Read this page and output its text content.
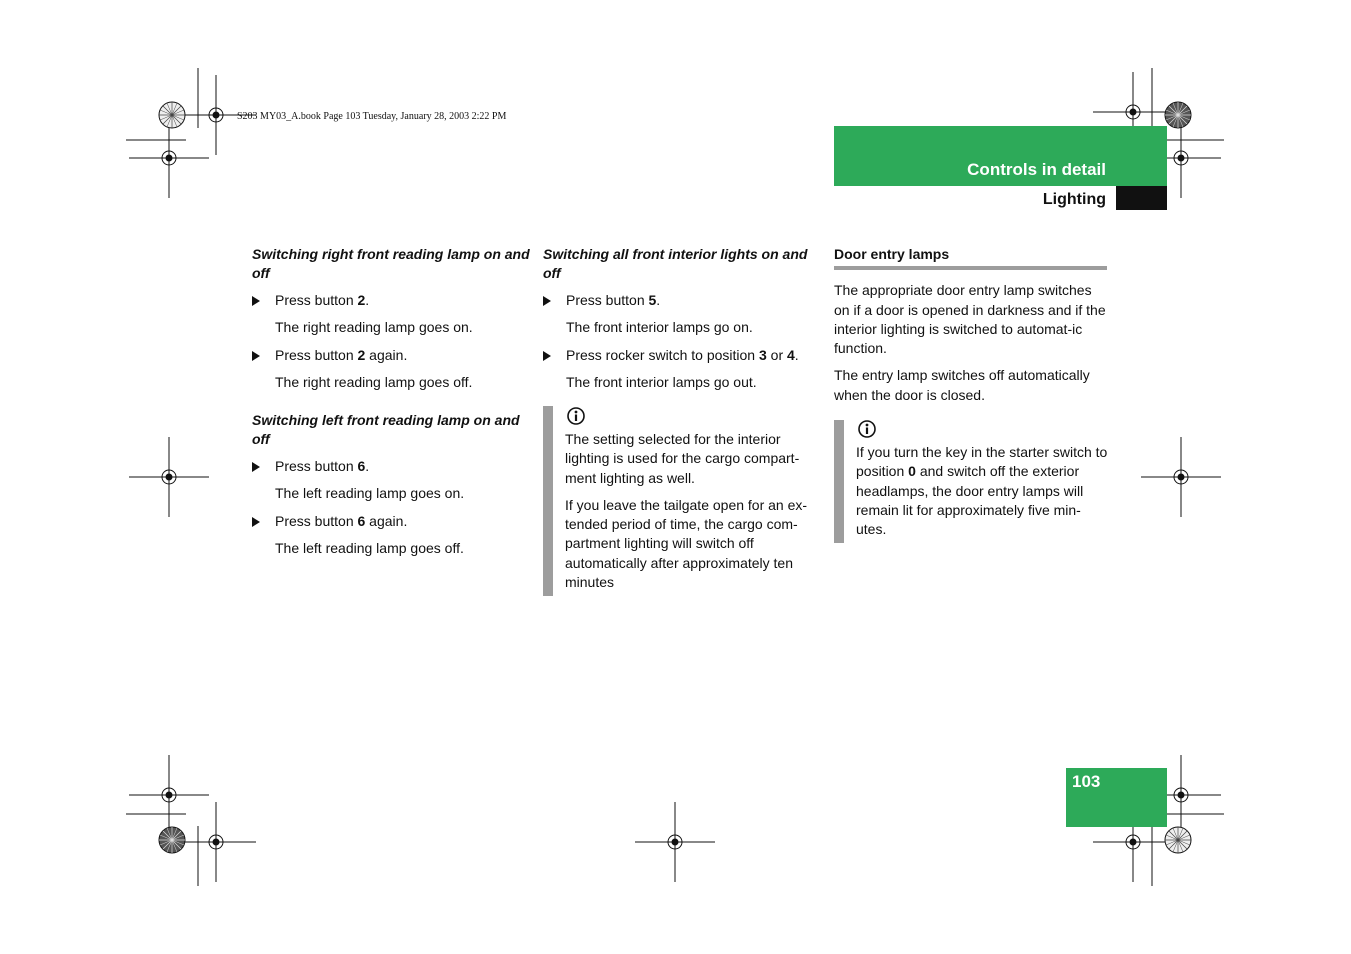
S203 MY03_A.book Page 103 Tuesday, January 28, 2003 2:22 PM
Controls in detail
Lighting

Switching right front reading lamp on and off

Press button 2.

The right reading lamp goes on.

Press button 2 again.

The right reading lamp goes off.

Switching left front reading lamp on and off

Press button 6.

The left reading lamp goes on.

Press button 6 again.

The left reading lamp goes off.

Switching all front interior lights on and off

Press button 5.

The front interior lamps go on.

Press rocker switch to position 3 or 4.

The front interior lamps go out.

The setting selected for the interior lighting is used for the cargo compart-ment lighting as well.

If you leave the tailgate open for an ex-tended period of time, the cargo com-partment lighting will switch off automatically after approximately ten minutes

Door entry lamps

The appropriate door entry lamp switches on if a door is opened in darkness and if the interior lighting is switched to automat-ic function.

The entry lamp switches off automatically when the door is closed.

If you turn the key in the starter switch to position 0 and switch off the exterior headlamps, the door entry lamps will remain lit for approximately five min-utes.

103
